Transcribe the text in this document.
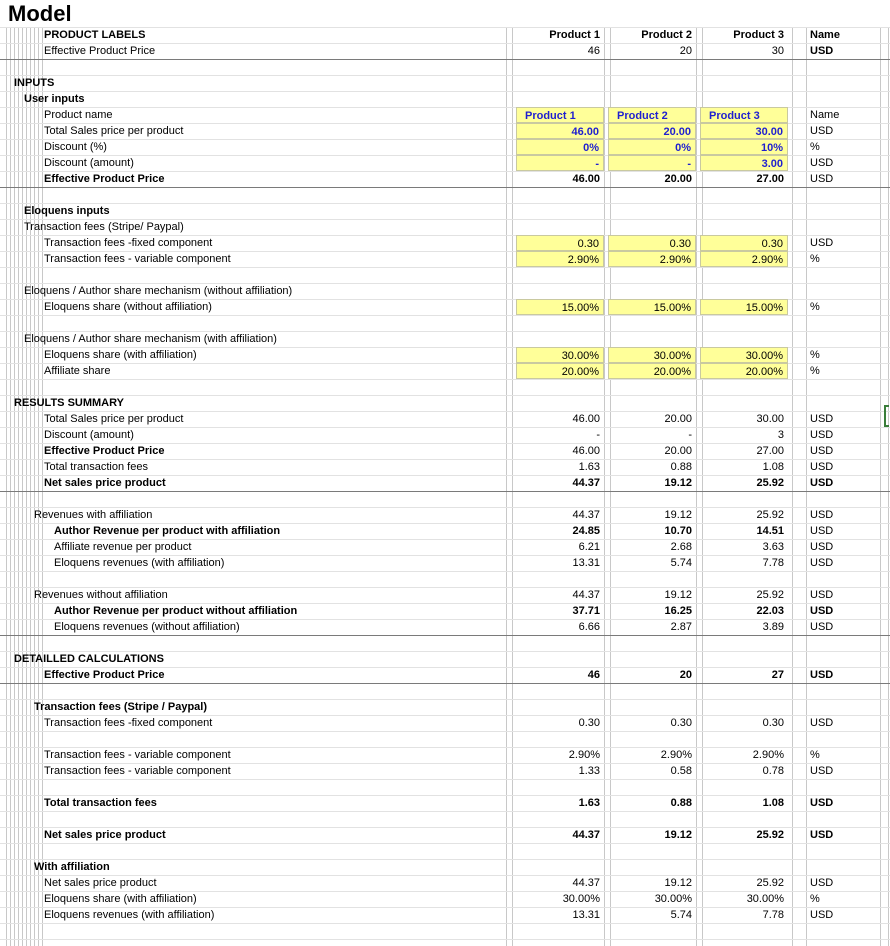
Model
PRODUCT LABELS	Product 1	Product 2	Product 3	Name
Effective Product Price	46	20	30	USD
INPUTS
User inputs
Product name	Product 1	Product 2	Product 3	Name
Total Sales price per product	46.00	20.00	30.00	USD
Discount (%)	0%	0%	10%	%
Discount (amount)	-	-	3.00	USD
Effective Product Price	46.00	20.00	27.00	USD
Eloquens inputs
Transaction fees (Stripe/ Paypal)
Transaction fees -fixed component	0.30	0.30	0.30	USD
Transaction fees - variable component	2.90%	2.90%	2.90%	%
Eloquens / Author share mechanism (without affiliation)
Eloquens share (without affiliation)	15.00%	15.00%	15.00%	%
Eloquens / Author share mechanism (with affiliation)
Eloquens share (with affiliation)	30.00%	30.00%	30.00%	%
Affiliate share	20.00%	20.00%	20.00%	%
RESULTS SUMMARY
Total Sales price per product	46.00	20.00	30.00	USD
Discount (amount)	-	-	3	USD
Effective Product Price	46.00	20.00	27.00	USD
Total transaction fees	1.63	0.88	1.08	USD
Net sales price product	44.37	19.12	25.92	USD
Revenues with affiliation	44.37	19.12	25.92	USD
Author Revenue per product with affiliation	24.85	10.70	14.51	USD
Affiliate revenue per product	6.21	2.68	3.63	USD
Eloquens revenues (with affiliation)	13.31	5.74	7.78	USD
Revenues without affiliation	44.37	19.12	25.92	USD
Author Revenue per product without affiliation	37.71	16.25	22.03	USD
Eloquens revenues (without affiliation)	6.66	2.87	3.89	USD
DETAILLED CALCULATIONS
Effective Product Price	46	20	27	USD
Transaction fees (Stripe / Paypal)
Transaction fees -fixed component	0.30	0.30	0.30	USD
Transaction fees - variable component	2.90%	2.90%	2.90%	%
Transaction fees - variable component	1.33	0.58	0.78	USD
Total transaction fees	1.63	0.88	1.08	USD
Net sales price product	44.37	19.12	25.92	USD
With affiliation
Net sales price product	44.37	19.12	25.92	USD
Eloquens share (with affiliation)	30.00%	30.00%	30.00%	%
Eloquens revenues (with affiliation)	13.31	5.74	7.78	USD
